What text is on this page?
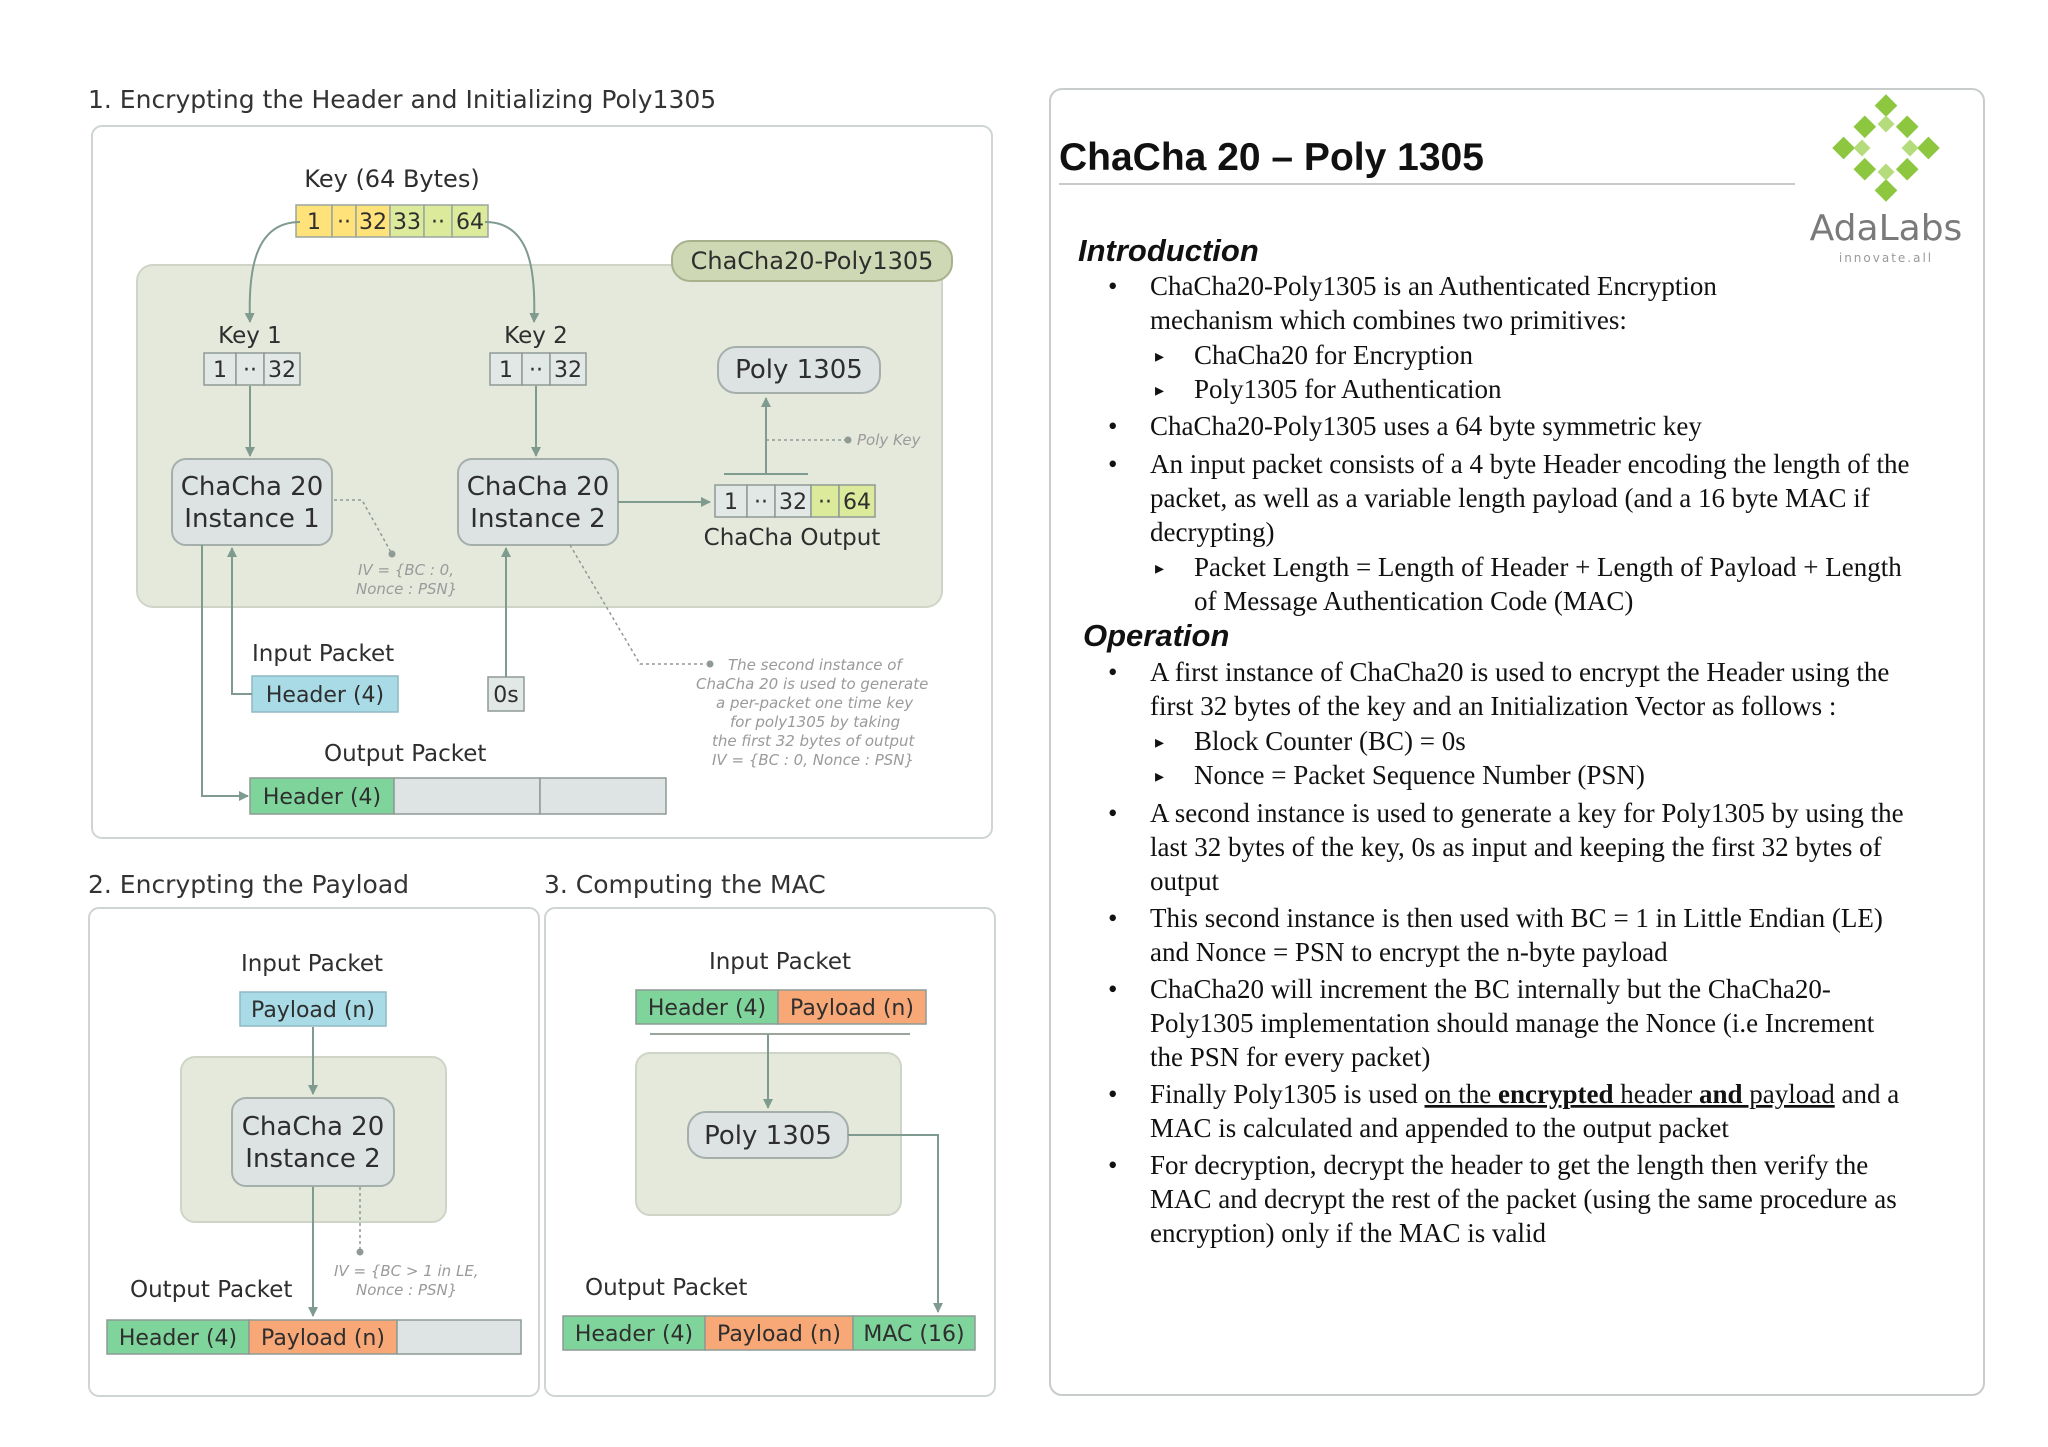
1. Encrypting the Header and Initializing Poly1305
Key (64 Bytes)
1 ·· 32 33 ·· 64
ChaCha20-Poly1305
Key 1
1 ·· 32
Key 2
1 ·· 32
ChaCha 20
Instance 1
ChaCha 20
Instance 2
Poly 1305
Poly Key
1 ·· 32 ·· 64
ChaCha Output
IV = {BC : 0,
Nonce : PSN}
Input Packet
Header (4)	0s
Output Packet
Header (4)
The second instance of
ChaCha 20 is used to generate
a per-packet one time key
for poly1305 by taking
the first 32 bytes of output
IV = {BC : 0, Nonce : PSN}
2. Encrypting the Payload
Input Packet
Payload (n)
ChaCha 20
Instance 2
IV = {BC > 1 in LE,
Nonce : PSN}
Output Packet
Header (4) Payload (n)
3. Computing the MAC
Input Packet
Header (4) Payload (n)
Poly 1305
Output Packet
Header (4) Payload (n) MAC (16)
ChaCha 20 – Poly 1305
AdaLabs
innovate.all
Introduction
• ChaCha20-Poly1305 is an Authenticated Encryption
mechanism which combines two primitives:
▸ ChaCha20 for Encryption
▸ Poly1305 for Authentication
• ChaCha20-Poly1305 uses a 64 byte symmetric key
• An input packet consists of a 4 byte Header encoding the length of the
packet, as well as a variable length payload (and a 16 byte MAC if
decrypting)
▸ Packet Length = Length of Header + Length of Payload + Length
of Message Authentication Code (MAC)
Operation
• A first instance of ChaCha20 is used to encrypt the Header using the
first 32 bytes of the key and an Initialization Vector as follows :
▸ Block Counter (BC) = 0s
▸ Nonce = Packet Sequence Number (PSN)
• A second instance is used to generate a key for Poly1305 by using the
last 32 bytes of the key, 0s as input and keeping the first 32 bytes of
output
• This second instance is then used with BC = 1 in Little Endian (LE)
and Nonce = PSN to encrypt the n-byte payload
• ChaCha20 will increment the BC internally but the ChaCha20-
Poly1305 implementation should manage the Nonce (i.e Increment
the PSN for every packet)
• Finally Poly1305 is used on the encrypted header and payload and a
MAC is calculated and appended to the output packet
• For decryption, decrypt the header to get the length then verify the
MAC and decrypt the rest of the packet (using the same procedure as
encryption) only if the MAC is valid
